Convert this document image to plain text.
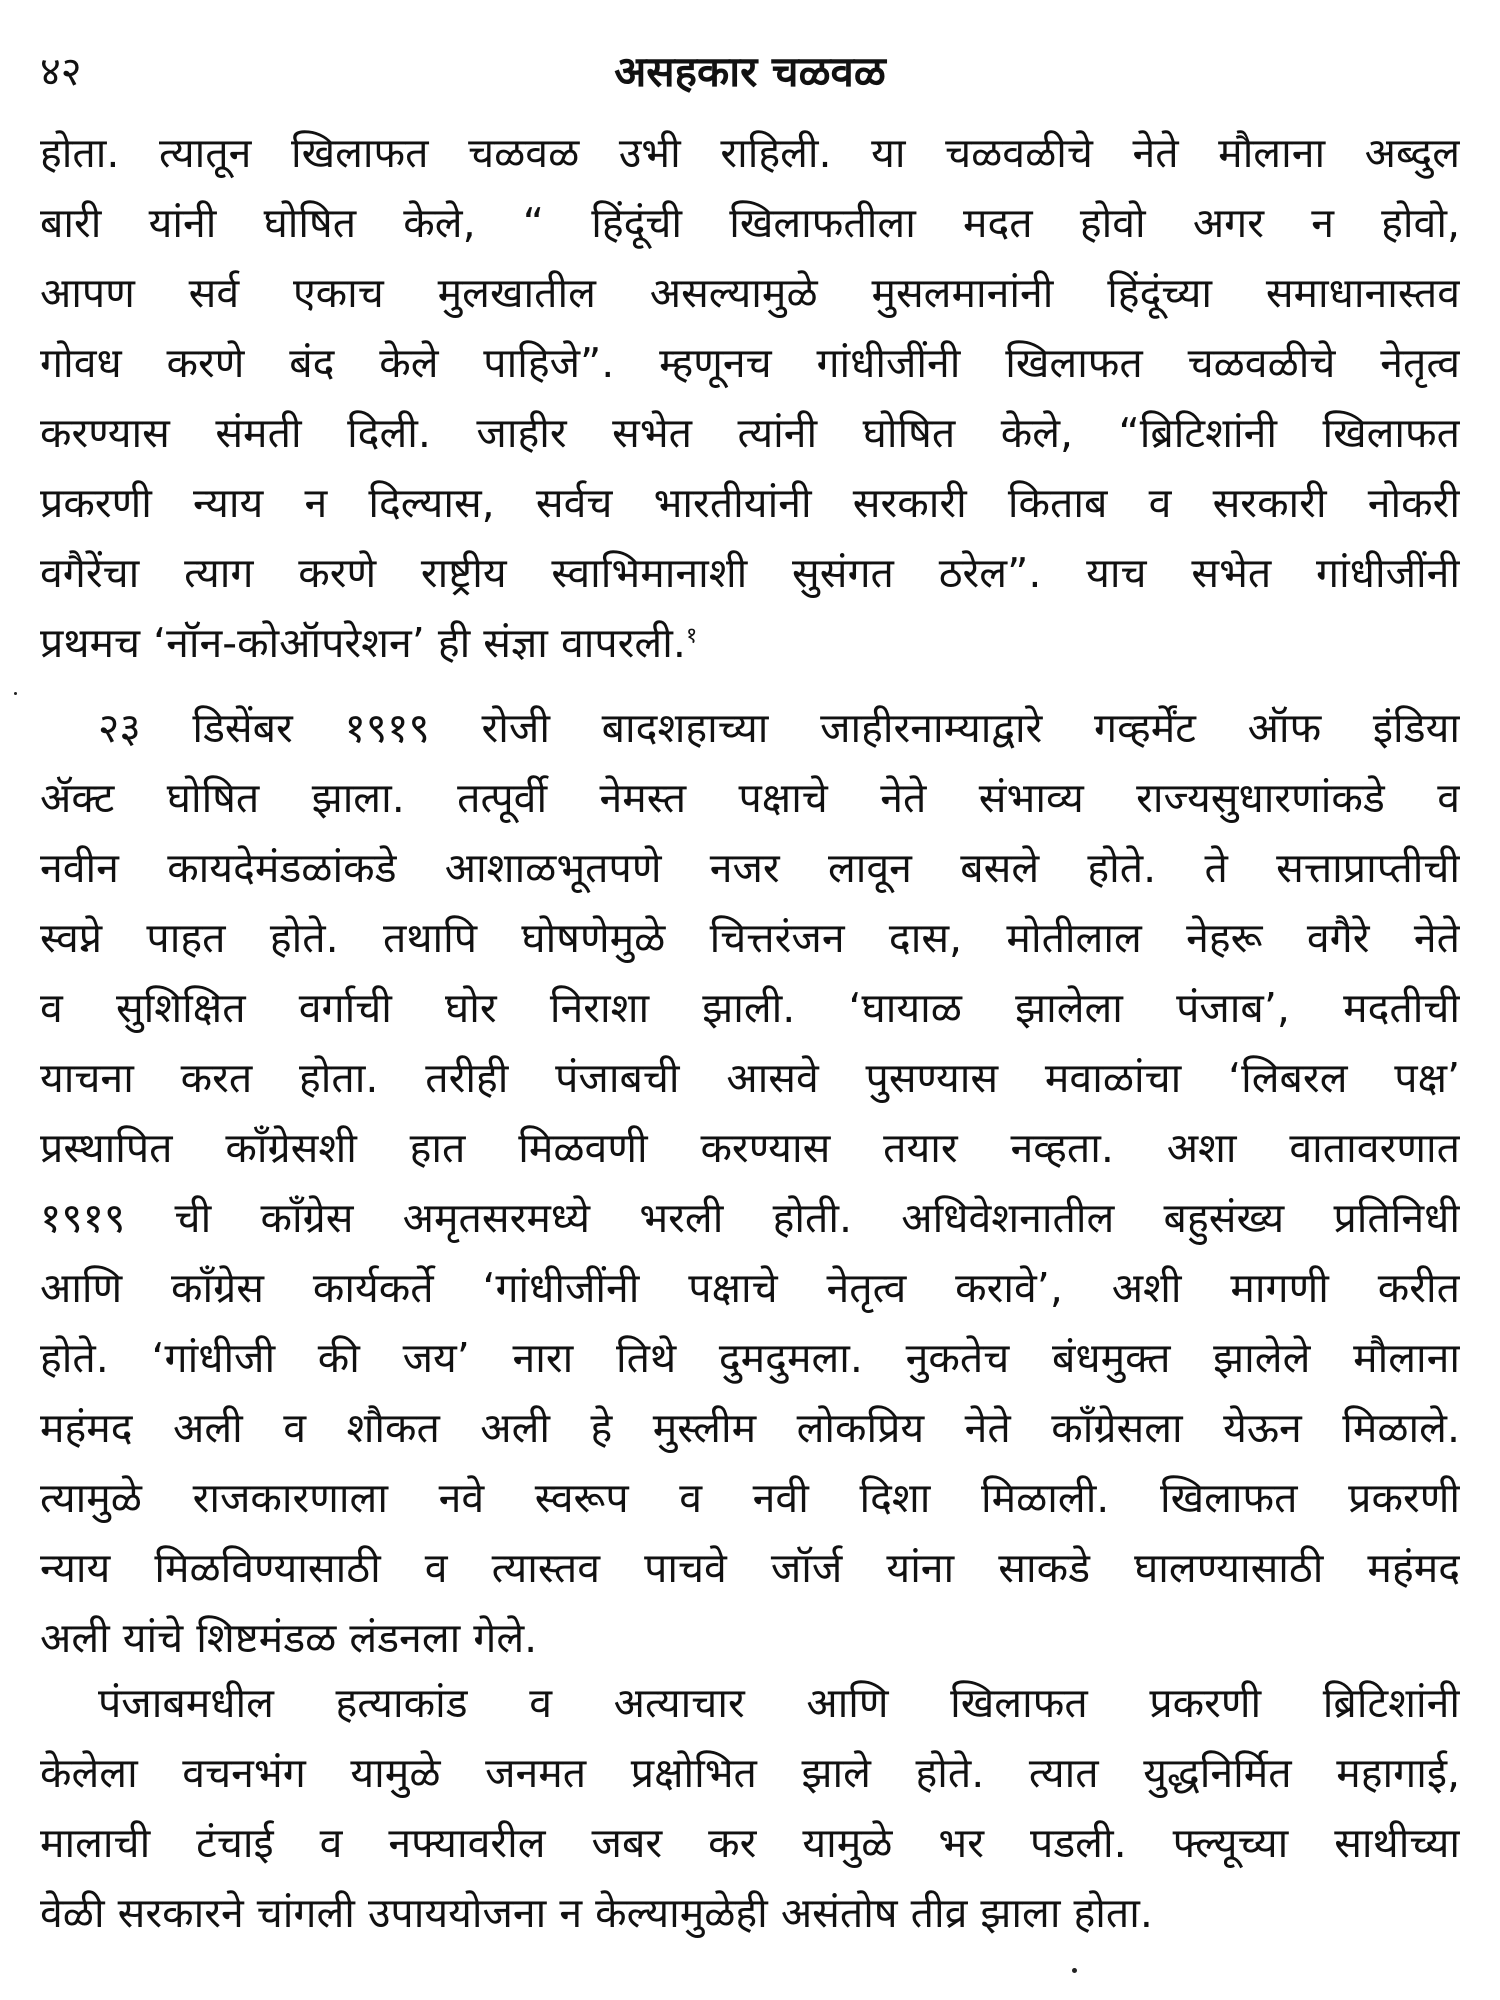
४२	असहकार चळवळ
होता. त्यातून खिलाफत चळवळ उभी राहिली. या चळवळीचे नेते मौलाना अब्दुल
बारी यांनी घोषित केले, “ हिंदूंची खिलाफतीला मदत होवो अगर न होवो,
आपण सर्व एकाच मुलखातील असल्यामुळे मुसलमानांनी हिंदूंच्या समाधानास्तव
गोवध करणे बंद केले पाहिजे”. म्हणूनच गांधीजींनी खिलाफत चळवळीचे नेतृत्व
करण्यास संमती दिली. जाहीर सभेत त्यांनी घोषित केले, “ब्रिटिशांनी खिलाफत
प्रकरणी न्याय न दिल्यास, सर्वच भारतीयांनी सरकारी किताब व सरकारी नोकरी
वगैरेंचा त्याग करणे राष्ट्रीय स्वाभिमानाशी सुसंगत ठरेल”. याच सभेत गांधीजींनी
प्रथमच ‘नॉन-कोऑपरेशन’ ही संज्ञा वापरली.$^१$
२३ डिसेंबर १९१९ रोजी बादशहाच्या जाहीरनाम्याद्वारे गव्हर्मेंट ऑफ इंडिया
ॲक्ट घोषित झाला. तत्पूर्वी नेमस्त पक्षाचे नेते संभाव्य राज्यसुधारणांकडे व
नवीन कायदेमंडळांकडे आशाळभूतपणे नजर लावून बसले होते. ते सत्ताप्राप्तीची
स्वप्ने पाहत होते. तथापि घोषणेमुळे चित्तरंजन दास, मोतीलाल नेहरू वगैरे नेते
व सुशिक्षित वर्गाची घोर निराशा झाली. ‘घायाळ झालेला पंजाब’, मदतीची
याचना करत होता. तरीही पंजाबची आसवे पुसण्यास मवाळांचा ‘लिबरल पक्ष’
प्रस्थापित कॉंग्रेसशी हात मिळवणी करण्यास तयार नव्हता. अशा वातावरणात
१९१९ ची कॉंग्रेस अमृतसरमध्ये भरली होती. अधिवेशनातील बहुसंख्य प्रतिनिधी
आणि कॉंग्रेस कार्यकर्ते ‘गांधीजींनी पक्षाचे नेतृत्व करावे’, अशी मागणी करीत
होते. ‘गांधीजी की जय’ नारा तिथे दुमदुमला. नुकतेच बंधमुक्त झालेले मौलाना
महंमद अली व शौकत अली हे मुस्लीम लोकप्रिय नेते कॉंग्रेसला येऊन मिळाले.
त्यामुळे राजकारणाला नवे स्वरूप व नवी दिशा मिळाली. खिलाफत प्रकरणी
न्याय मिळविण्यासाठी व त्यास्तव पाचवे जॉर्ज यांना साकडे घालण्यासाठी महंमद
अली यांचे शिष्टमंडळ लंडनला गेले.
पंजाबमधील हत्याकांड व अत्याचार आणि खिलाफत प्रकरणी ब्रिटिशांनी
केलेला वचनभंग यामुळे जनमत प्रक्षोभित झाले होते. त्यात युद्धनिर्मित महागाई,
मालाची टंचाई व नफ्यावरील जबर कर यामुळे भर पडली. फ्ल्यूच्या साथीच्या
वेळी सरकारने चांगली उपाययोजना न केल्यामुळेही असंतोष तीव्र झाला होता.
